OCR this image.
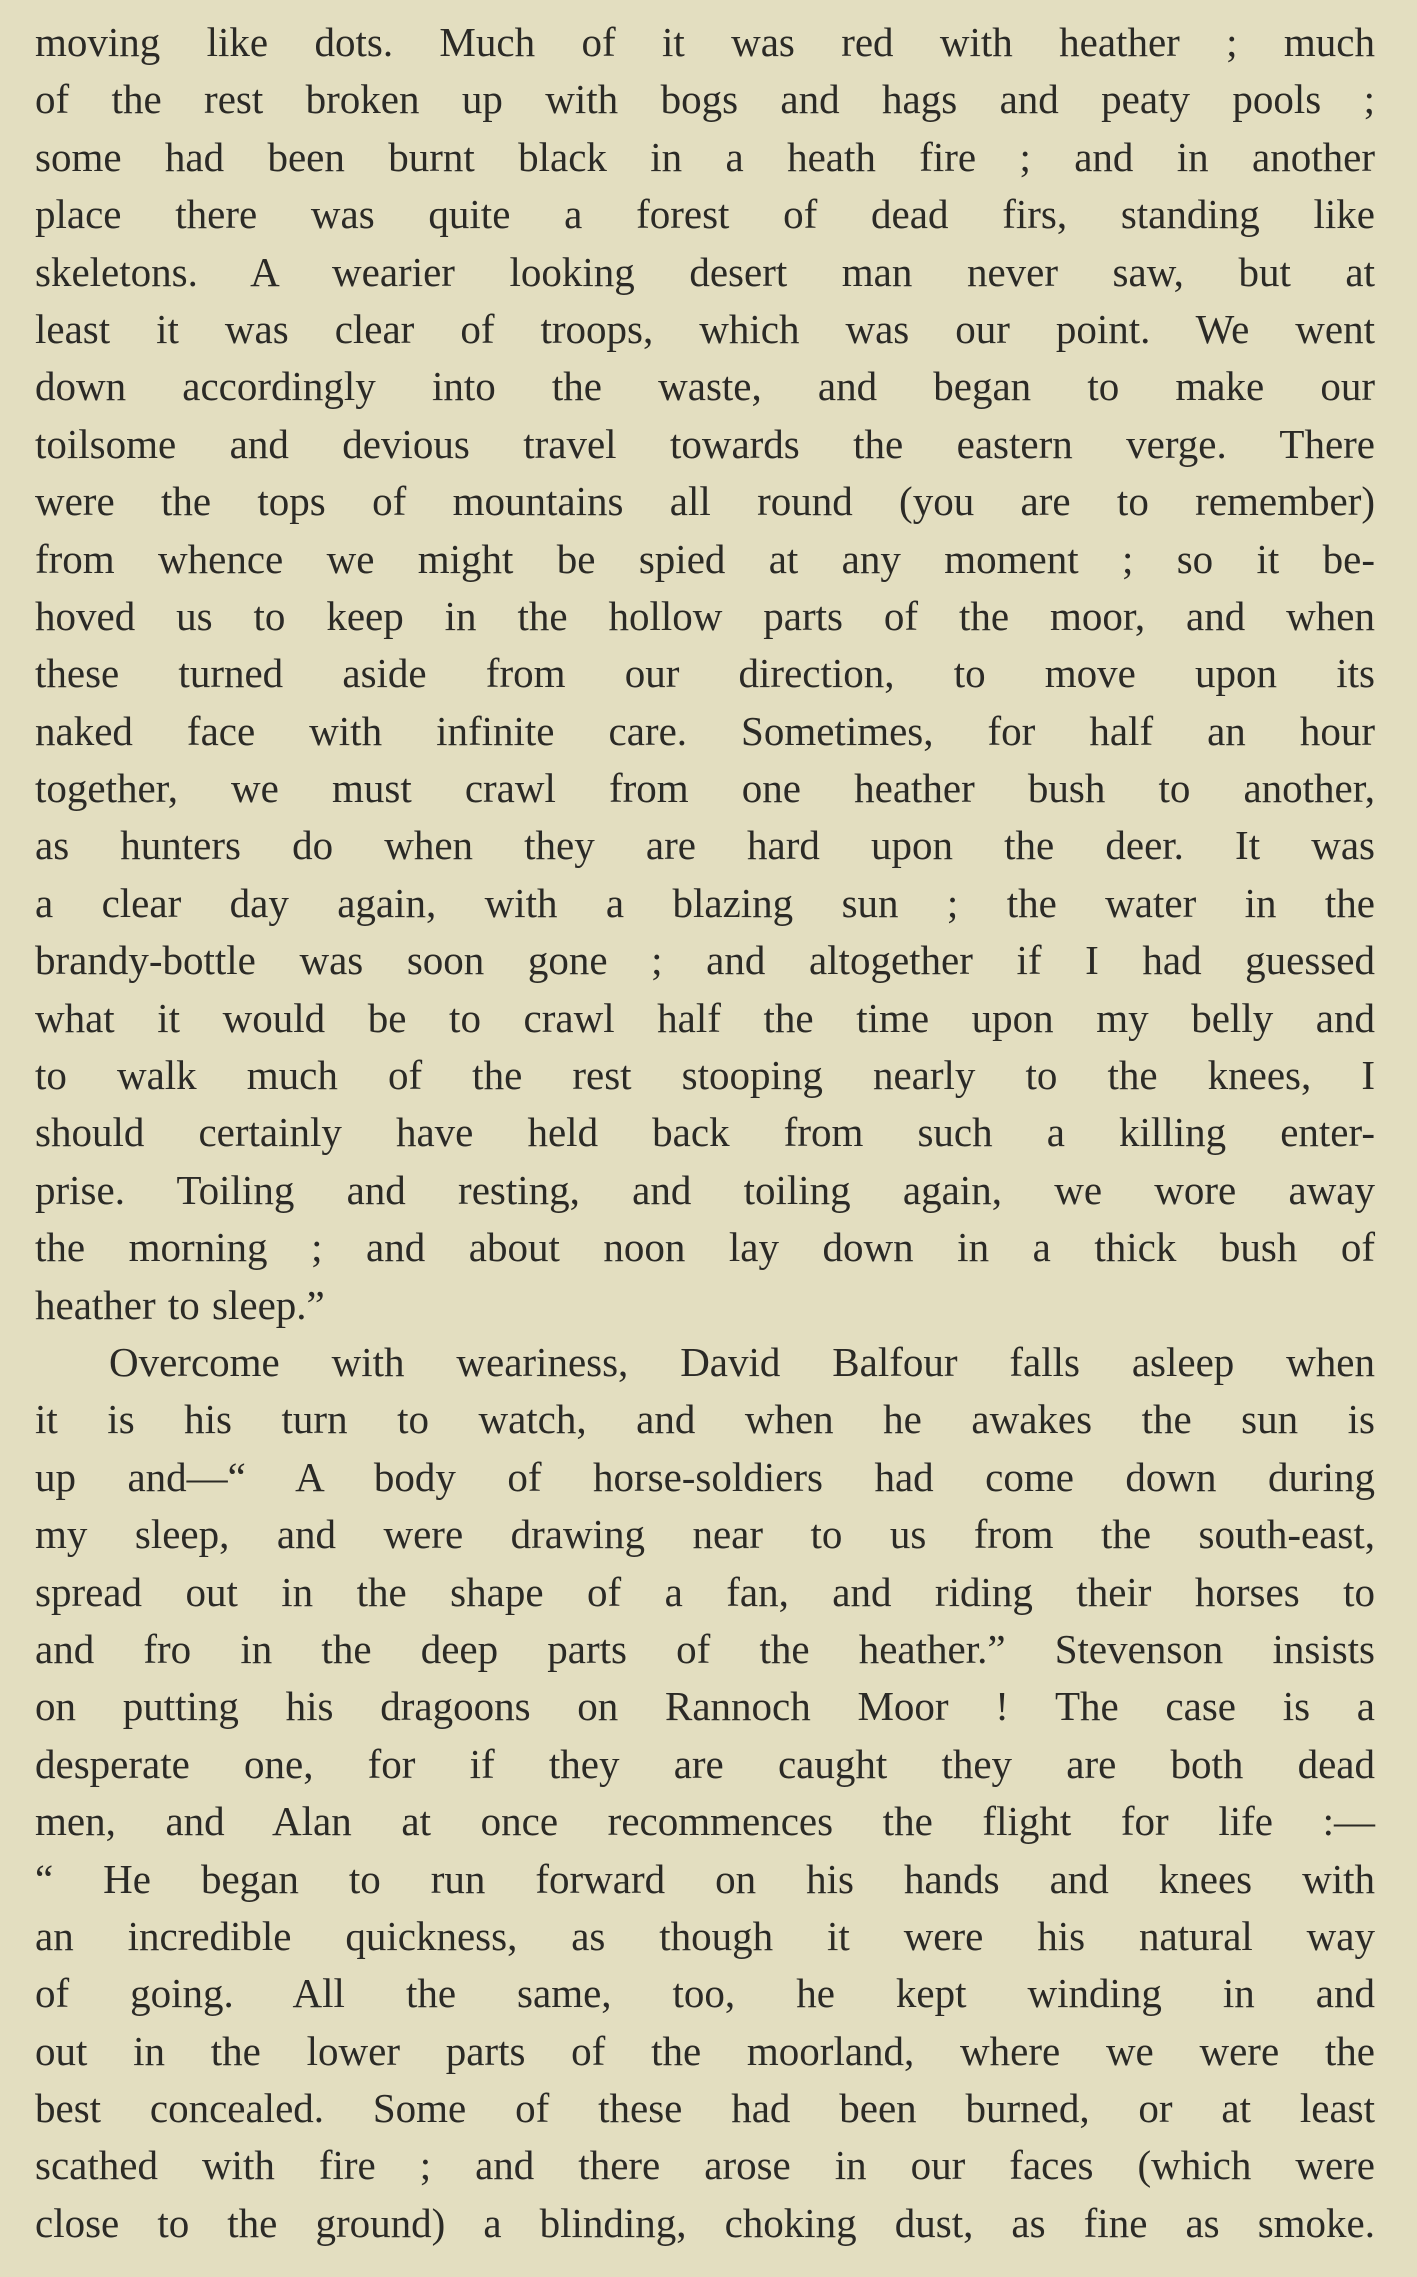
moving like dots. Much of it was red with heather ; much
of the rest broken up with bogs and hags and peaty pools ;
some had been burnt black in a heath fire ; and in another
place there was quite a forest of dead firs, standing like
skeletons. A wearier looking desert man never saw, but at
least it was clear of troops, which was our point. We went
down accordingly into the waste, and began to make our
toilsome and devious travel towards the eastern verge. There
were the tops of mountains all round (you are to remember)
from whence we might be spied at any moment ; so it be-
hoved us to keep in the hollow parts of the moor, and when
these turned aside from our direction, to move upon its
naked face with infinite care. Sometimes, for half an hour
together, we must crawl from one heather bush to another,
as hunters do when they are hard upon the deer. It was
a clear day again, with a blazing sun ; the water in the
brandy-bottle was soon gone ; and altogether if I had guessed
what it would be to crawl half the time upon my belly and
to walk much of the rest stooping nearly to the knees, I
should certainly have held back from such a killing enter-
prise. Toiling and resting, and toiling again, we wore away
the morning ; and about noon lay down in a thick bush of
heather to sleep.”
Overcome with weariness, David Balfour falls asleep when
it is his turn to watch, and when he awakes the sun is
up and—“ A body of horse-soldiers had come down during
my sleep, and were drawing near to us from the south-east,
spread out in the shape of a fan, and riding their horses to
and fro in the deep parts of the heather.” Stevenson insists
on putting his dragoons on Rannoch Moor ! The case is a
desperate one, for if they are caught they are both dead
men, and Alan at once recommences the flight for life :—
“ He began to run forward on his hands and knees with
an incredible quickness, as though it were his natural way
of going. All the same, too, he kept winding in and
out in the lower parts of the moorland, where we were the
best concealed. Some of these had been burned, or at least
scathed with fire ; and there arose in our faces (which were
close to the ground) a blinding, choking dust, as fine as smoke.
